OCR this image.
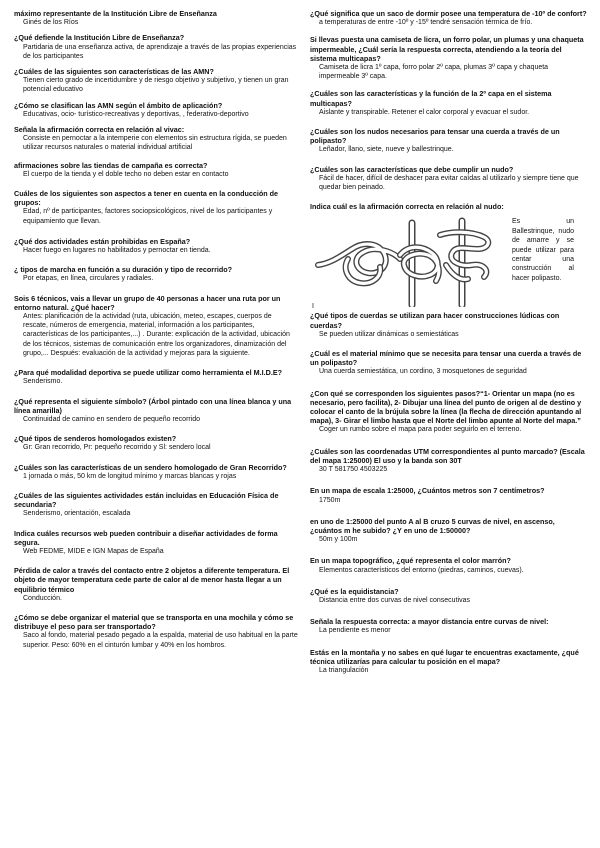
máximo representante de la Institución Libre de Enseñanza

Ginés de los Ríos

¿Qué defiende la Institución Libre de Enseñanza?

Partidaria de una enseñanza activa, de aprendizaje a través de las propias experiencias de los participantes

¿Cuáles de las siguientes son características de las AMN?

Tienen cierto grado de incertidumbre y de riesgo objetivo y subjetivo, y tienen un gran potencial educativo

¿Cómo se clasifican las AMN según el ámbito de aplicación?

Educativas, ocio- turístico-recreativas y deportivas, , federativo-deportivo

Señala la afirmación correcta en relación al vivac:

Consiste en pernoctar a la intemperie con elementos sin estructura rígida, se pueden utilizar recursos naturales o material individual artificial

afirmaciones sobre las tiendas de campaña es correcta?

El cuerpo de la tienda y el doble techo no deben estar en contacto

Cuáles de los siguientes son aspectos a tener en cuenta en la conducción de grupos:

Edad, nº de participantes, factores sociopsicológicos, nivel de los participantes y equipamiento que llevan.

¿Qué dos actividades están prohibidas en España?

Hacer fuego en lugares no habilitados y pernoctar en tienda.

¿ tipos de marcha en función a su duración y tipo de recorrido?

Por etapas, en línea, circulares y radiales.

Sois 6 técnicos, vais a llevar un grupo de 40 personas a hacer una ruta por un entorno natural. ¿Qué hacer?

Antes: planificación de la actividad (ruta, ubicación, meteo, escapes, cuerpos de rescate, números de emergencia, material, información a los participantes, características de los participantes,...) . Durante: explicación de la actividad, ubicación de los técnicos, sistemas de comunicación entre los organizadores, dinamización del grupo,... Después: evaluación de la actividad y mejoras para la siguiente.

¿Para qué modalidad deportiva se puede utilizar como herramienta el M.I.D.E?

Senderismo.

¿Qué representa el siguiente símbolo? (Árbol pintado con una línea blanca y una línea amarilla)

Continuidad de camino en sendero de pequeño recorrido

¿Qué tipos de senderos homologados existen?

Gr: Gran recorrido, Pr: pequeño recorrido y Sl: sendero local

¿Cuáles son las características de un sendero homologado de Gran Recorrido?

1 jornada o más, 50 km de longitud mínimo y marcas blancas y rojas

¿Cuáles de las siguientes actividades están incluidas en Educación Física de secundaria?

Senderismo, orientación, escalada

Indica cuáles recursos web pueden contribuir a diseñar actividades de forma segura.

Web FEDME, MIDE e IGN Mapas de España

Pérdida de calor a través del contacto entre 2 objetos a diferente temperatura. El objeto de mayor temperatura cede parte de calor al de menor hasta llegar a un equilibrio térmico

Conducción.

¿Cómo se debe organizar el material que se transporta en una mochila y cómo se distribuye el peso para ser transportado?

Saco al fondo, material pesado pegado a la espalda, material de uso habitual en la parte superior. Peso: 60% en el cinturón lumbar y 40% en los hombros.

¿Qué significa que un saco de dormir posee una temperatura de -10º de confort?

a temperaturas de entre -10º y -15º tendré sensación térmica de frío.

Si llevas puesta una camiseta de licra, un forro polar, un plumas y una chaqueta impermeable, ¿Cuál sería la respuesta correcta, atendiendo a la teoría del sistema multicapas?

Camiseta de licra 1º capa, forro polar 2º capa, plumas 3º capa y chaqueta impermeable 3º capa.

¿Cuáles son las características y la función de la 2º capa en el sistema multicapas?

Aislante y transpirable. Retener el calor corporal y evacuar el sudor.

¿Cuáles son los nudos necesarios para tensar una cuerda a través de un polipasto?

Leñador, llano, siete, nueve y ballestrinque.

¿Cuáles son las características que debe cumplir un nudo?

Fácil de hacer, difícil de deshacer para evitar caídas al utilizarlo y siempre tiene que quedar bien peinado.

Indica cuál es la afirmación correcta en relación al nudo:

Es un Ballestrinque, nudo de amarre y se puede utilizar para centar una construcción al hacer polipasto.
I

¿Qué tipos de cuerdas se utilizan para hacer construcciones lúdicas con cuerdas?

Se pueden utilizar dinámicas o semiestáticas

¿Cuál es el material mínimo que se necesita para tensar una cuerda a través de un polipasto?

Una cuerda semiestática, un cordino, 3 mosquetones de seguridad

¿Con qué se corresponden los siguientes pasos?“1- Orientar un mapa (no es necesario, pero facilita), 2- Dibujar una línea del punto de origen al de destino y colocar el canto de la brújula sobre la línea (la flecha de dirección apuntando al mapa), 3- Girar el limbo hasta que el Norte del limbo apunte al Norte del mapa.”

Coger un rumbo sobre el mapa para poder seguirlo en el terreno.

¿Cuáles son las coordenadas UTM correspondientes al punto marcado? (Escala del mapa 1:25000) El uso y la banda son 30T

30 T 581750 4503225

En un mapa de escala 1:25000, ¿Cuántos metros son 7 centímetros?

1750m

en uno de 1:25000 del punto A al B cruzo 5 curvas de nivel, en ascenso, ¿cuántos m he subido? ¿Y en uno de 1:50000?

50m y 100m

En un mapa topográfico, ¿qué representa el color marrón?

Elementos característicos del entorno (piedras, caminos, cuevas).

¿Qué es la equidistancia?

Distancia entre dos curvas de nivel consecutivas

Señala la respuesta correcta: a mayor distancia entre curvas de nivel:

La pendiente es menor

Estás en la montaña y no sabes en qué lugar te encuentras exactamente, ¿qué técnica utilizarías para calcular tu posición en el mapa?

La triangulación
